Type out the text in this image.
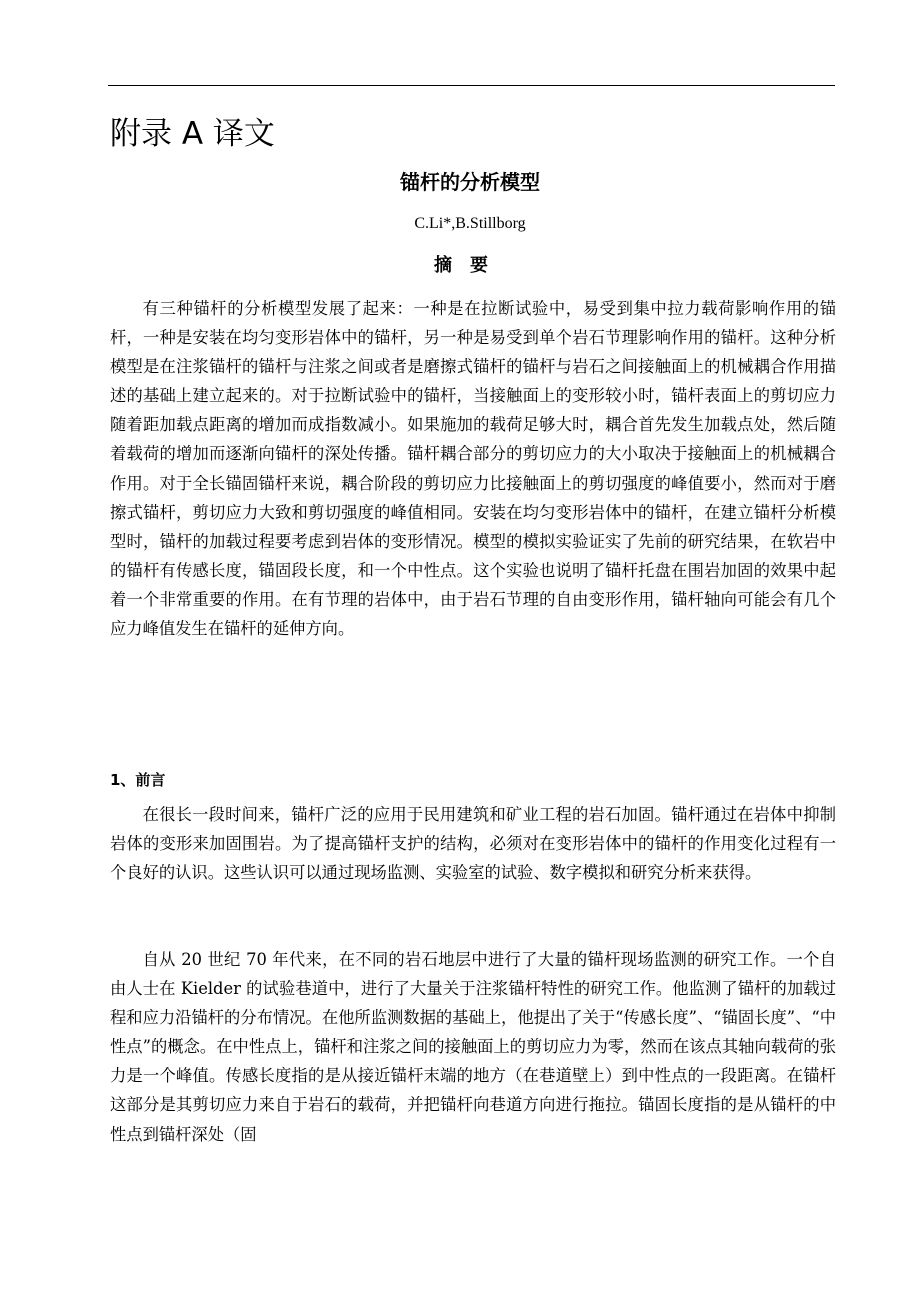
附录 A 译文
锚杆的分析模型
C.Li*,B.Stillborg
摘要

有三种锚杆的分析模型发展了起来：一种是在拉断试验中，易受到集中拉力载荷影响作用的锚杆，一种是安装在均匀变形岩体中的锚杆，另一种是易受到单个岩石节理影响作用的锚杆。这种分析模型是在注浆锚杆的锚杆与注浆之间或者是磨擦式锚杆的锚杆与岩石之间接触面上的机械耦合作用描述的基础上建立起来的。对于拉断试验中的锚杆，当接触面上的变形较小时，锚杆表面上的剪切应力随着距加载点距离的增加而成指数减小。如果施加的载荷足够大时，耦合首先发生加载点处，然后随着载荷的增加而逐渐向锚杆的深处传播。锚杆耦合部分的剪切应力的大小取决于接触面上的机械耦合作用。对于全长锚固锚杆来说，耦合阶段的剪切应力比接触面上的剪切强度的峰值要小，然而对于磨擦式锚杆，剪切应力大致和剪切强度的峰值相同。安装在均匀变形岩体中的锚杆，在建立锚杆分析模型时，锚杆的加载过程要考虑到岩体的变形情况。模型的模拟实验证实了先前的研究结果，在软岩中的锚杆有传感长度，锚固段长度，和一个中性点。这个实验也说明了锚杆托盘在围岩加固的效果中起着一个非常重要的作用。在有节理的岩体中，由于岩石节理的自由变形作用，锚杆轴向可能会有几个应力峰值发生在锚杆的延伸方向。

1、前言

在很长一段时间来，锚杆广泛的应用于民用建筑和矿业工程的岩石加固。锚杆通过在岩体中抑制岩体的变形来加固围岩。为了提高锚杆支护的结构，必须对在变形岩体中的锚杆的作用变化过程有一个良好的认识。这些认识可以通过现场监测、实验室的试验、数字模拟和研究分析来获得。

自从 20 世纪 70 年代来，在不同的岩石地层中进行了大量的锚杆现场监测的研究工作。一个自由人士在 Kielder 的试验巷道中，进行了大量关于注浆锚杆特性的研究工作。他监测了锚杆的加载过程和应力沿锚杆的分布情况。在他所监测数据的基础上，他提出了关于“传感长度”、“锚固长度”、“中性点”的概念。在中性点上，锚杆和注浆之间的接触面上的剪切应力为零，然而在该点其轴向载荷的张力是一个峰值。传感长度指的是从接近锚杆末端的地方（在巷道壁上）到中性点的一段距离。在锚杆这部分是其剪切应力来自于岩石的载荷，并把锚杆向巷道方向进行拖拉。锚固长度指的是从锚杆的中性点到锚杆深处（固
